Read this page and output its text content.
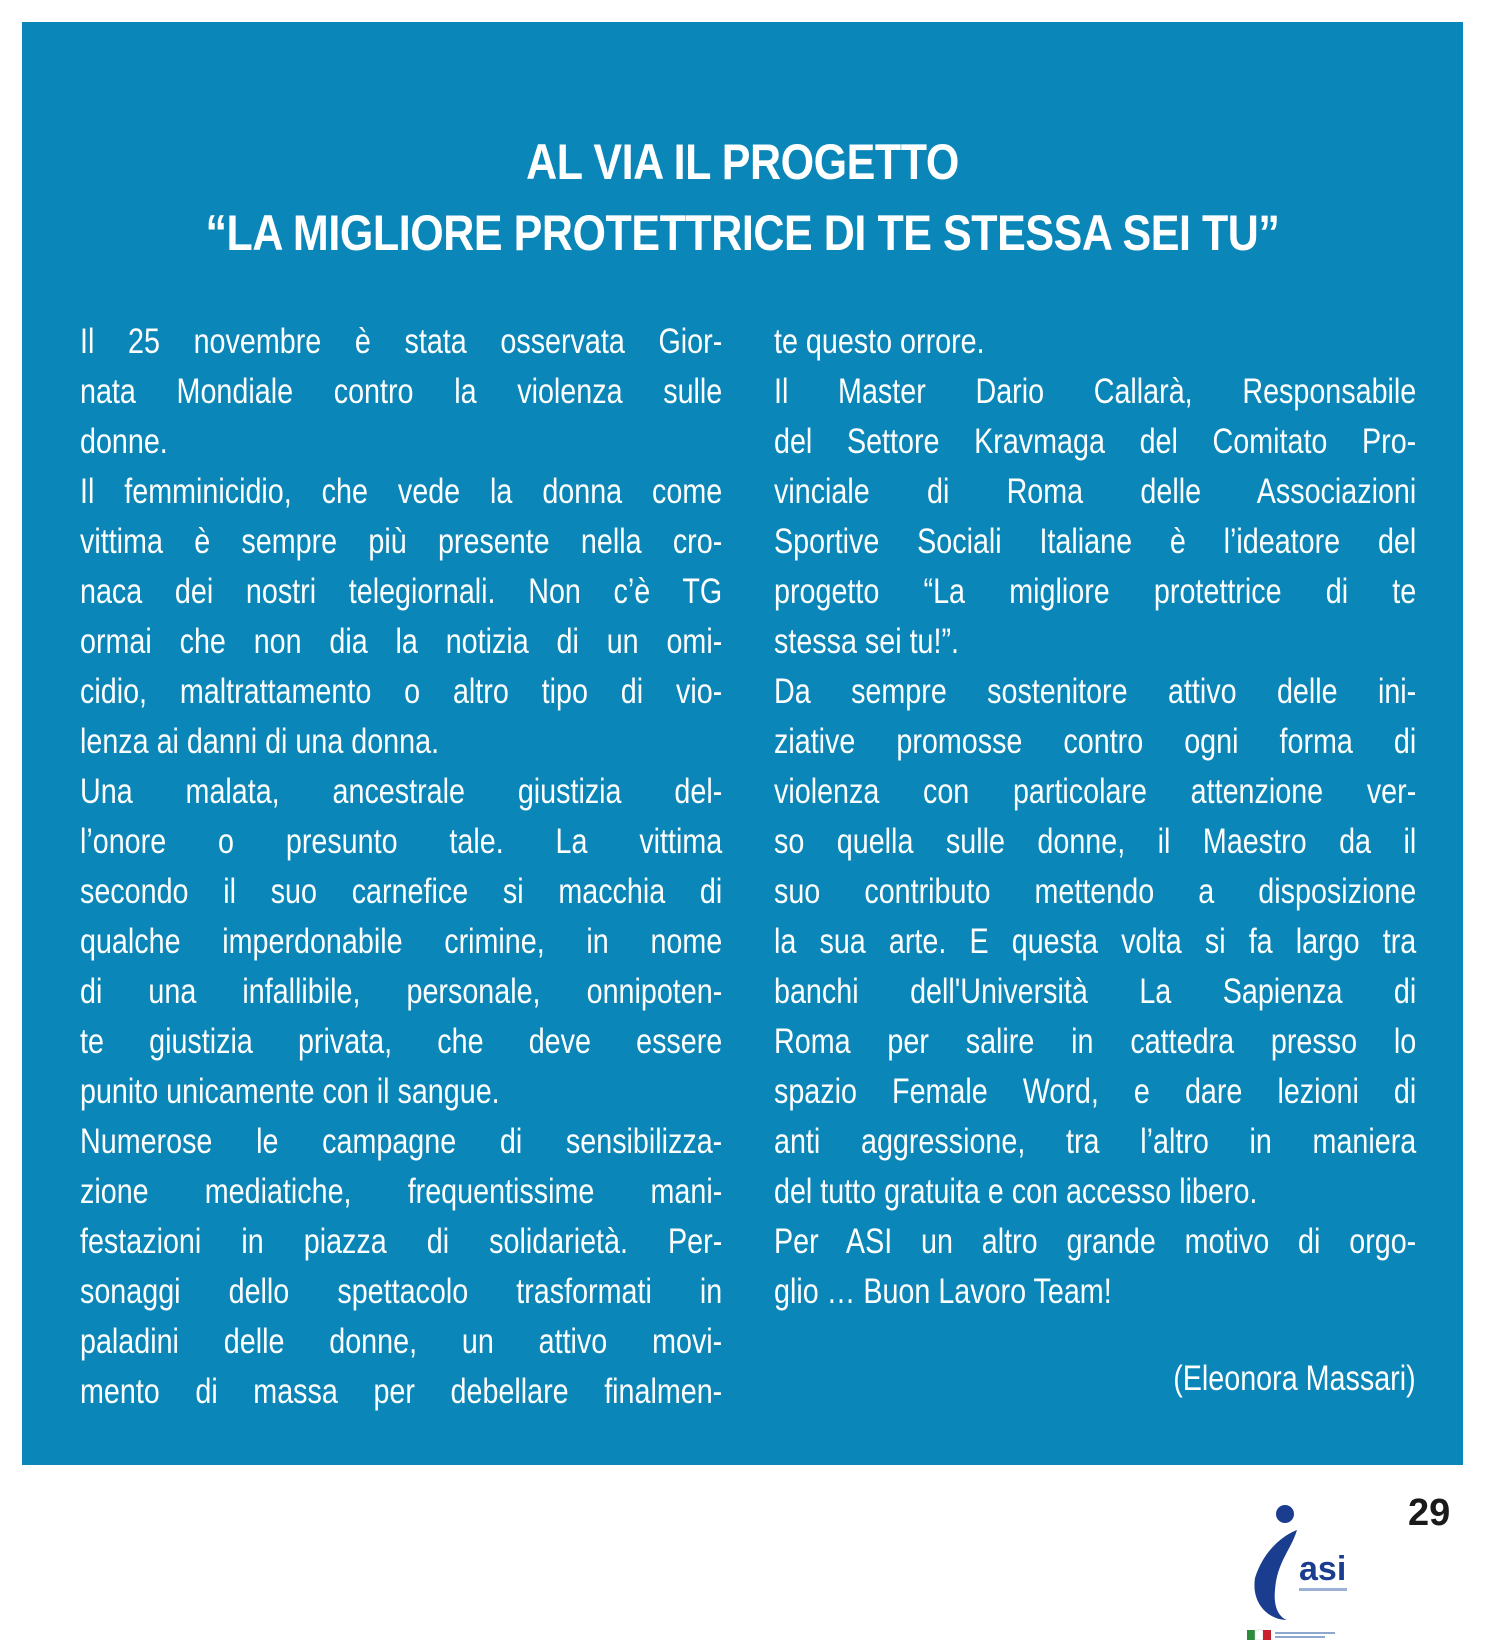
AL VIA IL PROGETTO
“LA MIGLIORE PROTETTRICE DI TE STESSA SEI TU”
Il 25 novembre è stata osservata Gior-
nata Mondiale contro la violenza sulle
donne.
Il femminicidio, che vede la donna come
vittima è sempre più presente nella cro-
naca dei nostri telegiornali. Non c’è TG
ormai che non dia la notizia di un omi-
cidio, maltrattamento o altro tipo di vio-
lenza ai danni di una donna.
Una malata, ancestrale giustizia del-
l’onore o presunto tale. La vittima
secondo il suo carnefice si macchia di
qualche imperdonabile crimine, in nome
di una infallibile, personale, onnipoten-
te giustizia privata, che deve essere
punito unicamente con il sangue.
Numerose le campagne di sensibilizza-
zione mediatiche, frequentissime mani-
festazioni in piazza di solidarietà. Per-
sonaggi dello spettacolo trasformati in
paladini delle donne, un attivo movi-
mento di massa per debellare finalmen-
te questo orrore.
Il Master Dario Callarà, Responsabile
del Settore Kravmaga del Comitato Pro-
vinciale di Roma delle Associazioni
Sportive Sociali Italiane è l’ideatore del
progetto “La migliore protettrice di te
stessa sei tu!”.
Da sempre sostenitore attivo delle ini-
ziative promosse contro ogni forma di
violenza con particolare attenzione ver-
so quella sulle donne, il Maestro da il
suo contributo mettendo a disposizione
la sua arte. E questa volta si fa largo tra
banchi dell'Università La Sapienza di
Roma per salire in cattedra presso lo
spazio Female Word, e dare lezioni di
anti aggressione, tra l’altro in maniera
del tutto gratuita e con accesso libero.
Per ASI un altro grande motivo di orgo-
glio … Buon Lavoro Team!
(Eleonora Massari)
asi
29
